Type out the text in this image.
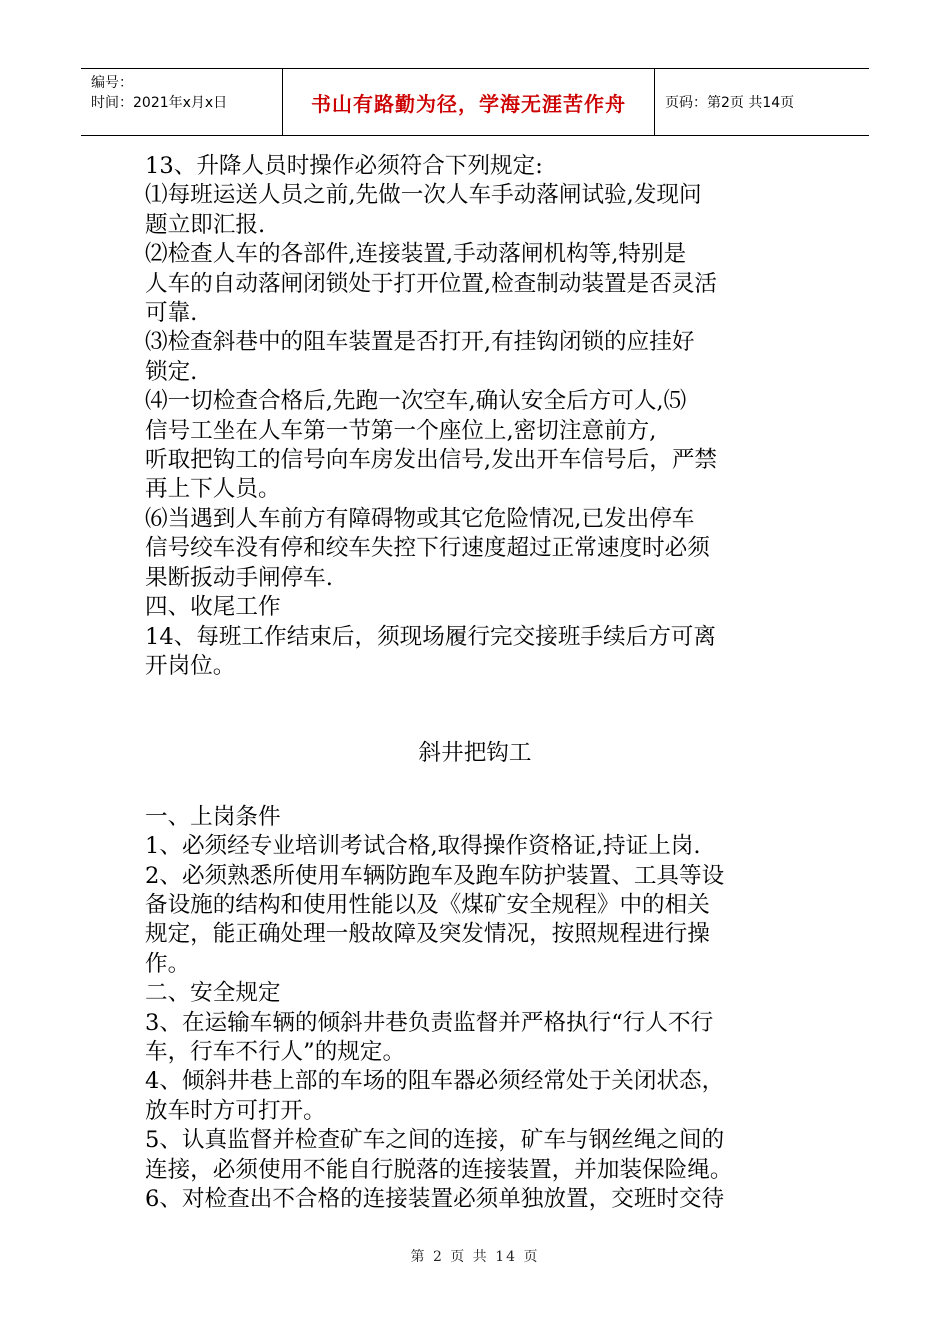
编号：
时间：2021年x月x日	书山有路勤为径，学海无涯苦作舟	页码：第2页 共14页
13、升降人员时操作必须符合下列规定:
⑴每班运送人员之前,先做一次人车手动落闸试验,发现问
题立即汇报.
⑵检查人车的各部件,连接装置,手动落闸机构等,特别是
人车的自动落闸闭锁处于打开位置,检查制动装置是否灵活
可靠.
⑶检查斜巷中的阻车装置是否打开,有挂钩闭锁的应挂好
锁定.
⑷一切检查合格后,先跑一次空车,确认安全后方可人,⑸
信号工坐在人车第一节第一个座位上,密切注意前方,
听取把钩工的信号向车房发出信号,发出开车信号后，严禁
再上下人员。
⑹当遇到人车前方有障碍物或其它危险情况,已发出停车
信号绞车没有停和绞车失控下行速度超过正常速度时必须
果断扳动手闸停车.
四、收尾工作
14、每班工作结束后，须现场履行完交接班手续后方可离
开岗位。
斜井把钩工
一、上岗条件
1、必须经专业培训考试合格,取得操作资格证,持证上岗.
2、必须熟悉所使用车辆防跑车及跑车防护装置、工具等设
备设施的结构和使用性能以及《煤矿安全规程》中的相关
规定，能正确处理一般故障及突发情况，按照规程进行操
作。
二、安全规定
3、在运输车辆的倾斜井巷负责监督并严格执行“行人不行
车，行车不行人”的规定。
4、倾斜井巷上部的车场的阻车器必须经常处于关闭状态，
放车时方可打开。
5、认真监督并检查矿车之间的连接，矿车与钢丝绳之间的
连接，必须使用不能自行脱落的连接装置，并加装保险绳。
6、对检查出不合格的连接装置必须单独放置，交班时交待
第 2 页 共 14 页
